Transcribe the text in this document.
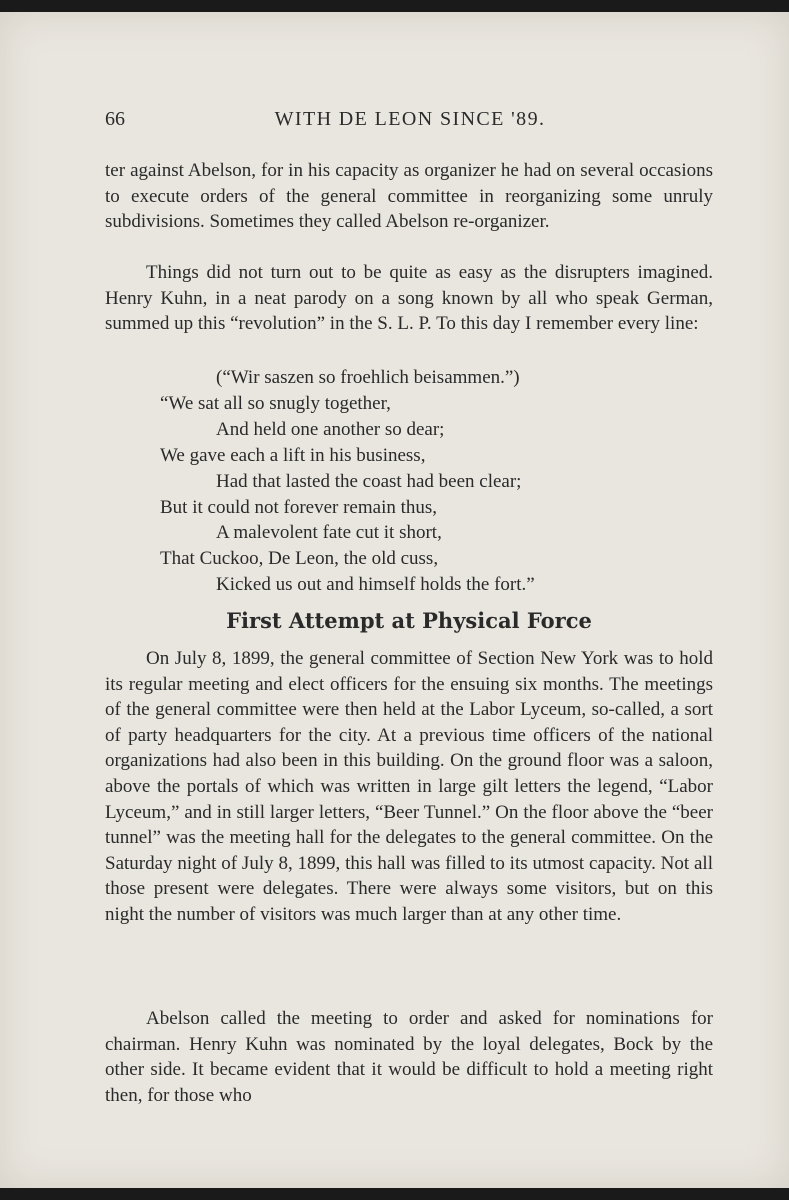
66	WITH DE LEON SINCE '89.

ter against Abelson, for in his capacity as organizer he had on several occasions to execute orders of the general committee in reorganizing some unruly subdivisions. Sometimes they called Abelson re-organizer.

Things did not turn out to be quite as easy as the disrupters imagined. Henry Kuhn, in a neat parody on a song known by all who speak German, summed up this “revolution” in the S. L. P. To this day I remember every line:

(“Wir saszen so froehlich beisammen.”)
“We sat all so snugly together,
And held one another so dear;
We gave each a lift in his business,
Had that lasted the coast had been clear;
But it could not forever remain thus,
A malevolent fate cut it short,
That Cuckoo, De Leon, the old cuss,
Kicked us out and himself holds the fort.”
First Attempt at Physical Force

On July 8, 1899, the general committee of Section New York was to hold its regular meeting and elect officers for the ensuing six months. The meetings of the general committee were then held at the Labor Lyceum, so-called, a sort of party headquarters for the city. At a previous time officers of the national organizations had also been in this building. On the ground floor was a saloon, above the portals of which was written in large gilt letters the legend, “Labor Lyceum,” and in still larger letters, “Beer Tunnel.” On the floor above the “beer tunnel” was the meeting hall for the delegates to the general committee. On the Saturday night of July 8, 1899, this hall was filled to its utmost capacity. Not all those present were delegates. There were always some visitors, but on this night the number of visitors was much larger than at any other time.

Abelson called the meeting to order and asked for nominations for chairman. Henry Kuhn was nominated by the loyal delegates, Bock by the other side. It became evident that it would be difficult to hold a meeting right then, for those who
